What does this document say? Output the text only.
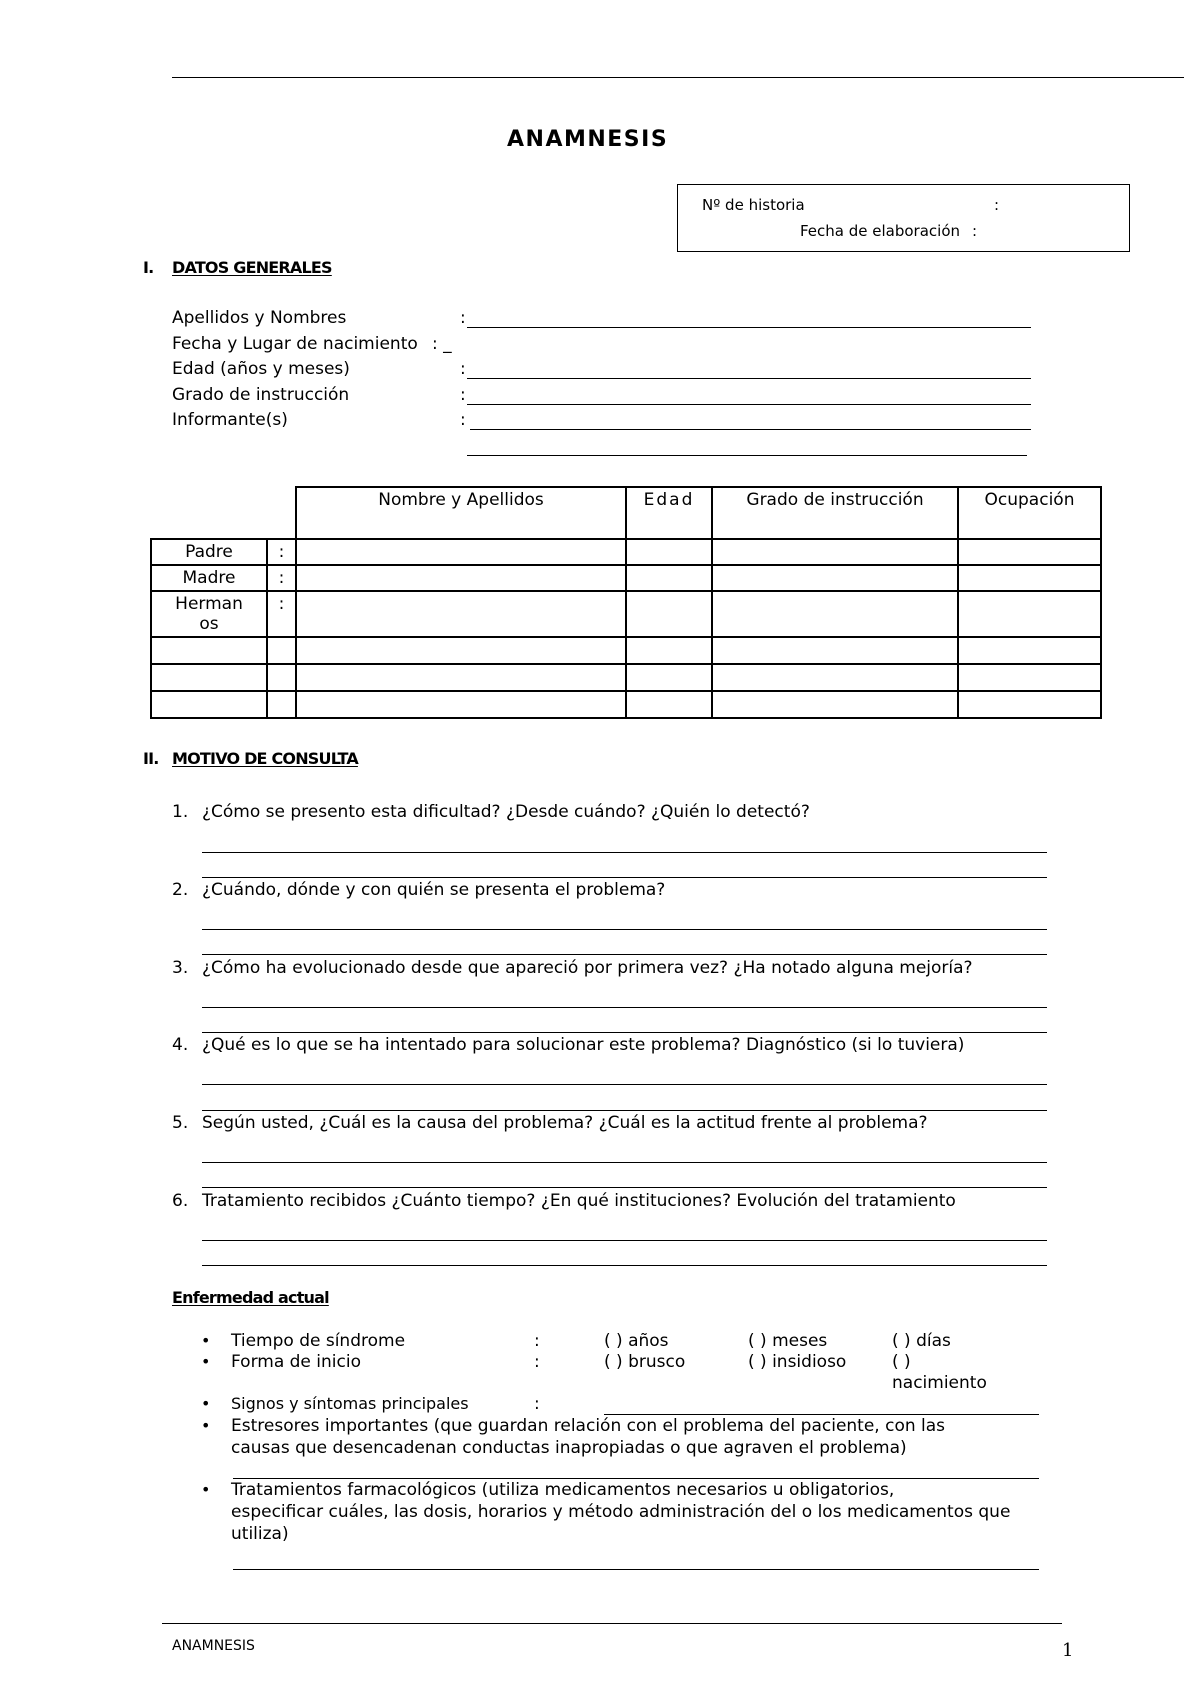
ANAMNESIS
Nº de historia	:
Fecha de elaboración :
I. DATOS GENERALES
Apellidos y Nombres	:
Fecha y Lugar de nacimiento : _
Edad (años y meses)	:
Grado de instrucción	:
Informante(s)	:
		Nombre y Apellidos	Edad	Grado de instrucción	Ocupación
Padre	:				
Madre	:				
Hermanos	:				

II. MOTIVO DE CONSULTA
1. ¿Cómo se presento esta dificultad? ¿Desde cuándo? ¿Quién lo detectó?
2. ¿Cuándo, dónde y con quién se presenta el problema?
3. ¿Cómo ha evolucionado desde que apareció por primera vez? ¿Ha notado alguna mejoría?
4. ¿Qué es lo que se ha intentado para solucionar este problema? Diagnóstico (si lo tuviera)
5. Según usted, ¿Cuál es la causa del problema? ¿Cuál es la actitud frente al problema?
6. Tratamiento recibidos ¿Cuánto tiempo? ¿En qué instituciones? Evolución del tratamiento
Enfermedad actual
• Tiempo de síndrome	:	( ) años	( ) meses	( ) días
• Forma de inicio	:	( ) brusco	( ) insidioso	( )
nacimiento
• Signos y síntomas principales	:
• Estresores importantes (que guardan relación con el problema del paciente, con las
causas que desencadenan conductas inapropiadas o que agraven el problema)
• Tratamientos farmacológicos (utiliza medicamentos necesarios u obligatorios,
especificar cuáles, las dosis, horarios y método administración del o los medicamentos que
utiliza)
ANAMNESIS	1
